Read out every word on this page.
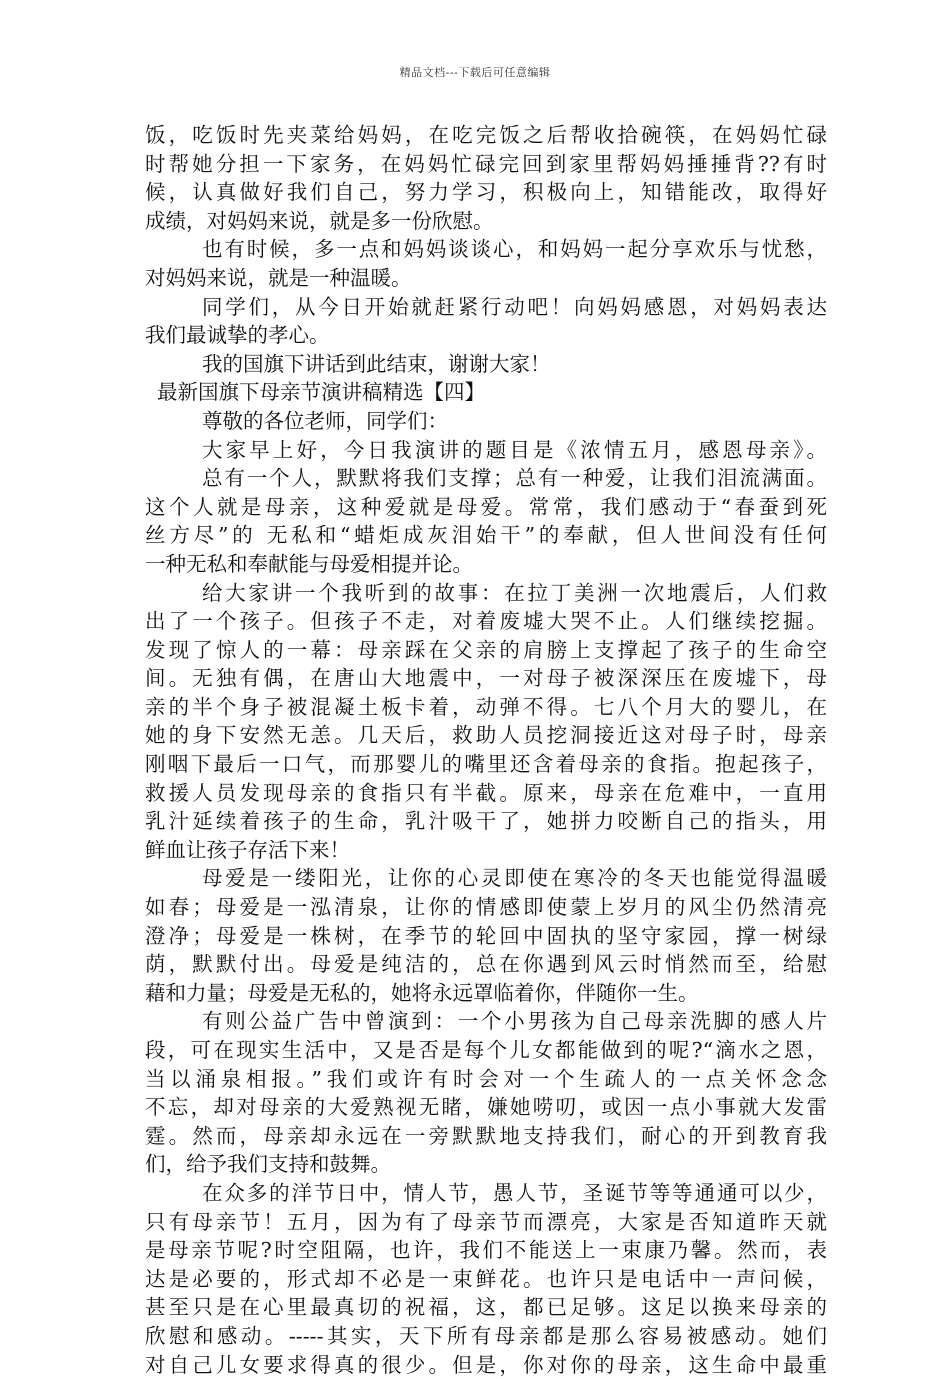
精品文档---下载后可任意编辑
饭，吃饭时先夹菜给妈妈，在吃完饭之后帮收拾碗筷，在妈妈忙碌
时帮她分担一下家务，在妈妈忙碌完回到家里帮妈妈捶捶背??有时
候，认真做好我们自己，努力学习，积极向上，知错能改，取得好
成绩，对妈妈来说，就是多一份欣慰。
也有时候，多一点和妈妈谈谈心，和妈妈一起分享欢乐与忧愁，
对妈妈来说，就是一种温暖。
同学们，从今日开始就赶紧行动吧！向妈妈感恩，对妈妈表达
我们最诚挚的孝心。
我的国旗下讲话到此结束，谢谢大家！
最新国旗下母亲节演讲稿精选【四】
尊敬的各位老师，同学们：
大家早上好，今日我演讲的题目是《浓情五月，感恩母亲》。
总有一个人，默默将我们支撑；总有一种爱，让我们泪流满面。
这个人就是母亲，这种爱就是母爱。常常，我们感动于“春蚕到死
丝方尽”的 无私和“蜡炬成灰泪始干”的奉献，但人世间没有任何
一种无私和奉献能与母爱相提并论。
给大家讲一个我听到的故事：在拉丁美洲一次地震后，人们救
出了一个孩子。但孩子不走，对着废墟大哭不止。人们继续挖掘。
发现了惊人的一幕：母亲踩在父亲的肩膀上支撑起了孩子的生命空
间。无独有偶，在唐山大地震中，一对母子被深深压在废墟下，母
亲的半个身子被混凝土板卡着，动弹不得。七八个月大的婴儿，在
她的身下安然无恙。几天后，救助人员挖洞接近这对母子时，母亲
刚咽下最后一口气，而那婴儿的嘴里还含着母亲的食指。抱起孩子，
救援人员发现母亲的食指只有半截。原来，母亲在危难中，一直用
乳汁延续着孩子的生命，乳汁吸干了，她拼力咬断自己的指头，用
鲜血让孩子存活下来！
母爱是一缕阳光，让你的心灵即使在寒冷的冬天也能觉得温暖
如春；母爱是一泓清泉，让你的情感即使蒙上岁月的风尘仍然清亮
澄净；母爱是一株树，在季节的轮回中固执的坚守家园，撑一树绿
荫，默默付出。母爱是纯洁的，总在你遇到风云时悄然而至，给慰
藉和力量；母爱是无私的，她将永远罩临着你，伴随你一生。
有则公益广告中曾演到：一个小男孩为自己母亲洗脚的感人片
段，可在现实生活中，又是否是每个儿女都能做到的呢?“滴水之恩，
当以涌泉相报。”我们或许有时会对一个生疏人的一点关怀念念
不忘，却对母亲的大爱熟视无睹，嫌她唠叨，或因一点小事就大发雷
霆。然而，母亲却永远在一旁默默地支持我们，耐心的开到教育我
们，给予我们支持和鼓舞。
在众多的洋节日中，情人节，愚人节，圣诞节等等通通可以少，
只有母亲节！五月，因为有了母亲节而漂亮，大家是否知道昨天就
是母亲节呢?时空阻隔，也许，我们不能送上一束康乃馨。然而，表
达是必要的，形式却不必是一束鲜花。也许只是电话中一声问候，
甚至只是在心里最真切的祝福，这，都已足够。这足以换来母亲的
欣慰和感动。-----其实，天下所有母亲都是那么容易被感动。她们
对自己儿女要求得真的很少。但是，你对你的母亲，这生命中最重
